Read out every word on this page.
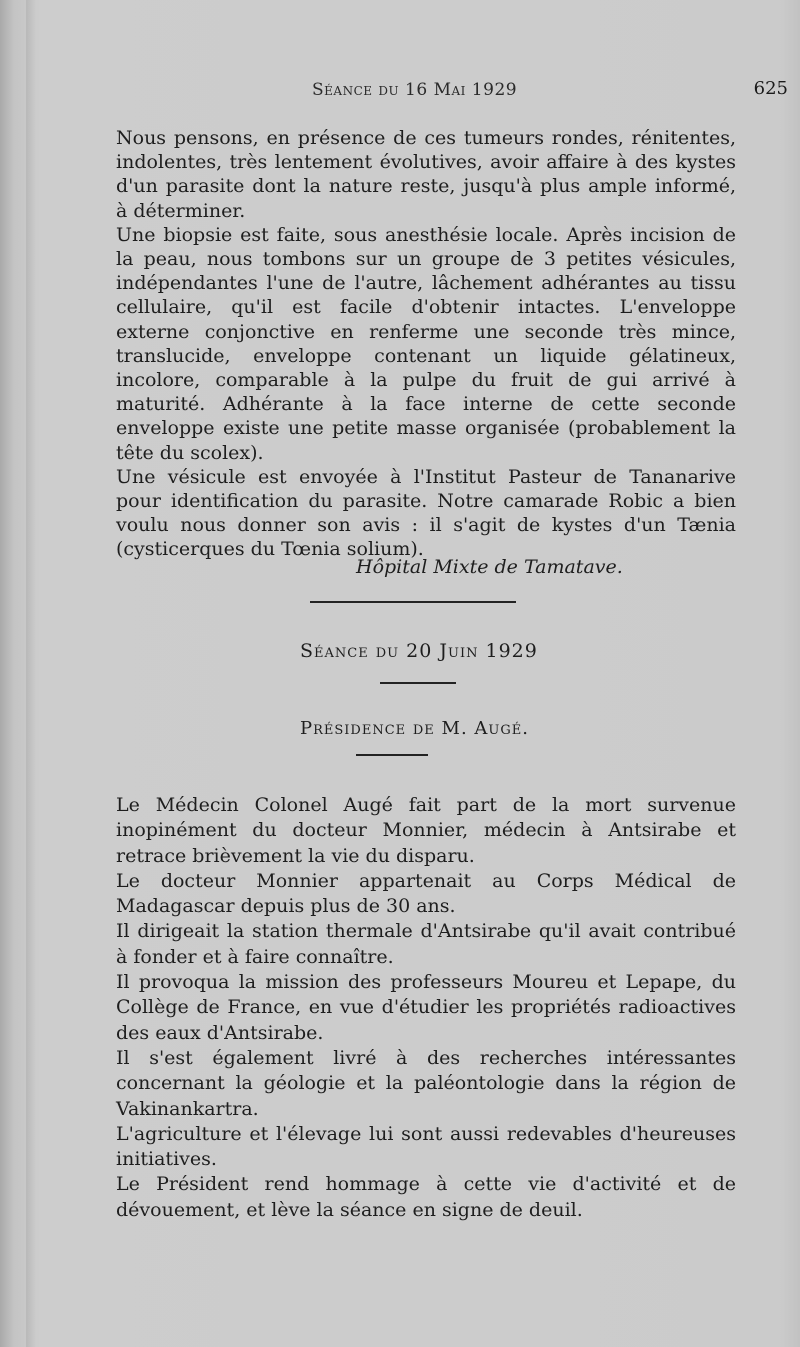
Séance du 16 Mai 1929	625

Nous pensons, en présence de ces tumeurs rondes, rénitentes, indolentes, très lentement évolutives, avoir affaire à des kystes d'un parasite dont la nature reste, jusqu'à plus ample informé, à déterminer.

Une biopsie est faite, sous anesthésie locale. Après incision de la peau, nous tombons sur un groupe de 3 petites vésicules, indépendantes l'une de l'autre, lâchement adhérantes au tissu cellulaire, qu'il est facile d'obtenir intactes. L'enveloppe externe conjonctive en renferme une seconde très mince, translucide, enveloppe contenant un liquide gélatineux, incolore, comparable à la pulpe du fruit de gui arrivé à maturité. Adhérante à la face interne de cette seconde enveloppe existe une petite masse organisée (probablement la tête du scolex).

Une vésicule est envoyée à l'Institut Pasteur de Tananarive pour identification du parasite. Notre camarade Robic a bien voulu nous donner son avis : il s'agit de kystes d'un Tænia (cysticerques du Tœnia solium).

Hôpital Mixte de Tamatave.
Séance du 20 Juin 1929
Présidence de M. Augé.

Le Médecin Colonel Augé fait part de la mort survenue inopinément du docteur Monnier, médecin à Antsirabe et retrace brièvement la vie du disparu.

Le docteur Monnier appartenait au Corps Médical de Madagascar depuis plus de 30 ans.

Il dirigeait la station thermale d'Antsirabe qu'il avait contribué à fonder et à faire connaître.

Il provoqua la mission des professeurs Moureu et Lepape, du Collège de France, en vue d'étudier les propriétés radioactives des eaux d'Antsirabe.

Il s'est également livré à des recherches intéressantes concernant la géologie et la paléontologie dans la région de Vakinankartra.

L'agriculture et l'élevage lui sont aussi redevables d'heureuses initiatives.

Le Président rend hommage à cette vie d'activité et de dévouement, et lève la séance en signe de deuil.
